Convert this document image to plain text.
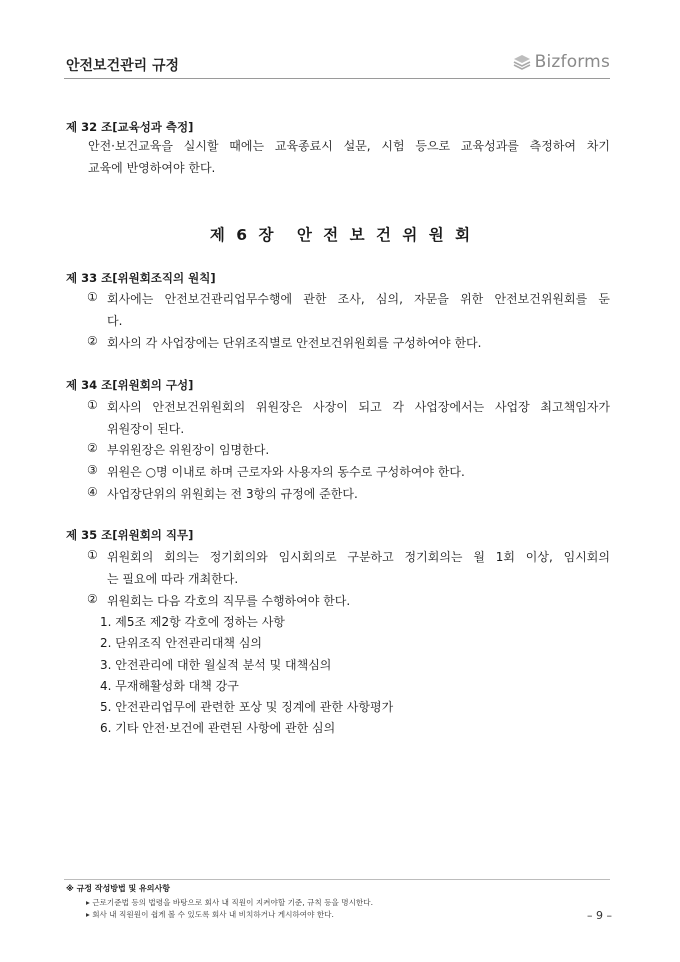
안전보건관리 규정	Bizforms
제 32 조[교육성과 측정]
안전·보건교육을 실시할 때에는 교육종료시 설문, 시험 등으로 교육성과를 측정하여 차기
교육에 반영하여야 한다.
제 6 장 안 전 보 건 위 원 회
제 33 조[위원회조직의 원칙]
① 회사에는 안전보건관리업무수행에 관한 조사, 심의, 자문을 위한 안전보건위원회를 둔
다.
② 회사의 각 사업장에는 단위조직별로 안전보건위원회를 구성하여야 한다.
제 34 조[위원회의 구성]
① 회사의 안전보건위원회의 위원장은 사장이 되고 각 사업장에서는 사업장 최고책임자가
위원장이 된다.
② 부위원장은 위원장이 임명한다.
③ 위원은 ○명 이내로 하며 근로자와 사용자의 동수로 구성하여야 한다.
④ 사업장단위의 위원회는 전 3항의 규정에 준한다.
제 35 조[위원회의 직무]
① 위원회의 회의는 정기회의와 임시회의로 구분하고 정기회의는 월 1회 이상, 임시회의
는 필요에 따라 개최한다.
② 위원회는 다음 각호의 직무를 수행하여야 한다.
1. 제5조 제2항 각호에 정하는 사항
2. 단위조직 안전관리대책 심의
3. 안전관리에 대한 월실적 분석 및 대책심의
4. 무재해활성화 대책 강구
5. 안전관리업무에 관련한 포상 및 징계에 관한 사항평가
6. 기타 안전·보건에 관련된 사항에 관한 심의
※ 규정 작성방법 및 유의사항
▸ 근로기준법 등의 법령을 바탕으로 회사 내 직원이 지켜야할 기준, 규칙 등을 명시한다.
▸ 회사 내 직원원이 쉽게 볼 수 있도록 회사 내 비치하거나 게시하여야 한다.	– 9 –
